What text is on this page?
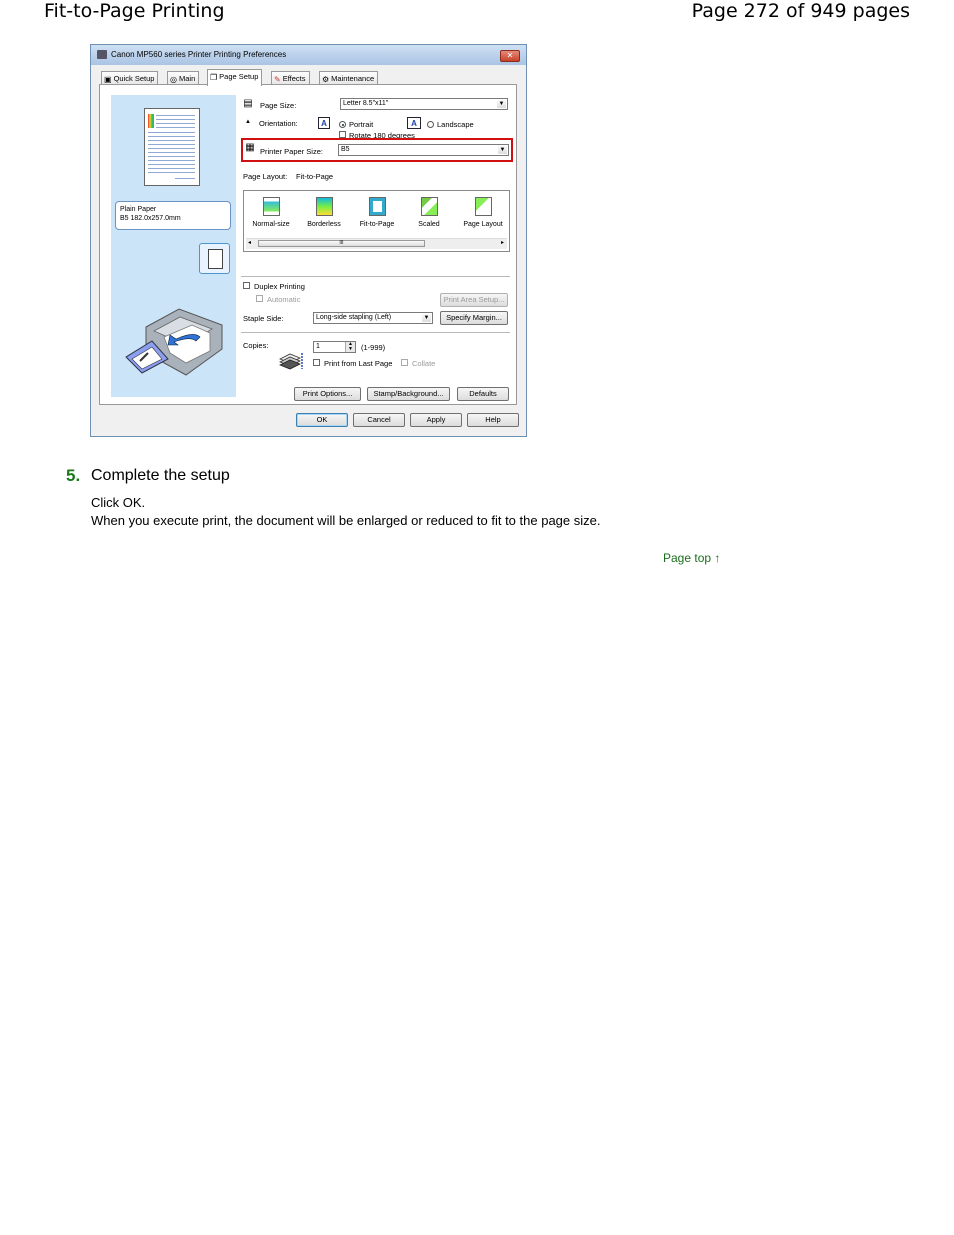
Fit-to-Page Printing	Page 272 of 949 pages
Canon MP560 series Printer Printing Preferences	✕
▣ Quick Setup	◎ Main	❐ Page Setup	✎ Effects	⚙ Maintenance
Plain Paper
B5 182.0x257.0mm
▤ Page Size:	Letter 8.5"x11"	▼
▲ Orientation:	A	Portrait	A	Landscape
Rotate 180 degrees
▦ Printer Paper Size:	B5	▼
Page Layout: Fit-to-Page
Normal-size	Borderless	Fit-to-Page	Scaled	Page Layout
◂	III	▸
Duplex Printing
Automatic	Print Area Setup...
Staple Side:	Long-side stapling (Left)	▼	Specify Margin...
Copies:	1	▲
▼ (1-999)
Print from Last Page	Collate
Print Options...	Stamp/Background...	Defaults
OK	Cancel	Apply	Help
5. Complete the setup
Click OK.
When you execute print, the document will be enlarged or reduced to fit to the page size.
Page top ↑
